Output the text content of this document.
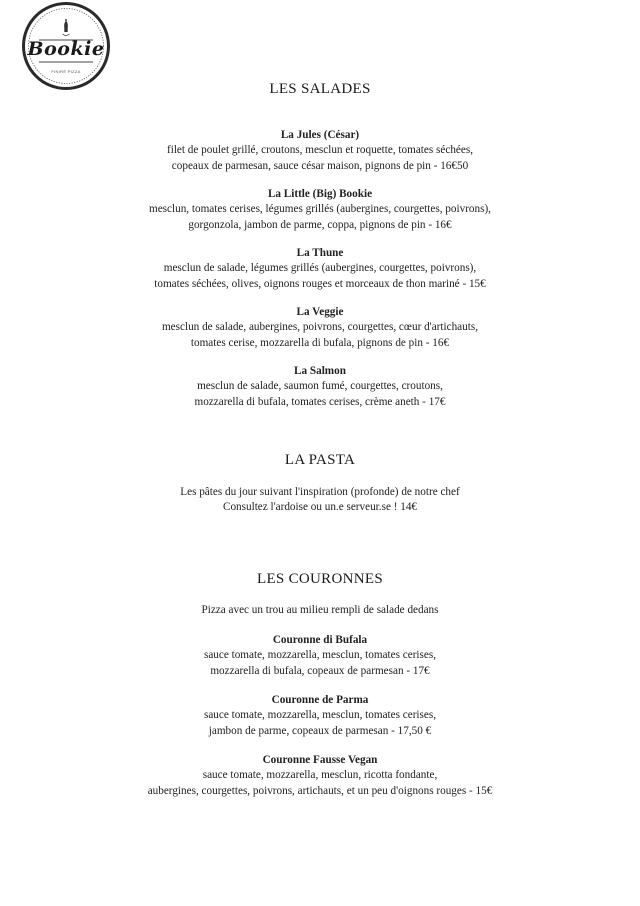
Bookie
FINIRÉ PIZZA
LES SALADES
La Jules (César)
filet de poulet grillé, croutons, mesclun et roquette, tomates séchées,
copeaux de parmesan, sauce césar maison, pignons de pin - 16€50
La Little (Big) Bookie
mesclun, tomates cerises, légumes grillés (aubergines, courgettes, poivrons),
gorgonzola, jambon de parme, coppa, pignons de pin - 16€
La Thune
mesclun de salade, légumes grillés (aubergines, courgettes, poivrons),
tomates séchées, olives, oignons rouges et morceaux de thon mariné - 15€
La Veggie
mesclun de salade, aubergines, poivrons, courgettes, cœur d'artichauts,
tomates cerise, mozzarella di bufala, pignons de pin - 16€
La Salmon
mesclun de salade, saumon fumé, courgettes, croutons,
mozzarella di bufala, tomates cerises, crème aneth - 17€
LA PASTA
Les pâtes du jour suivant l'inspiration (profonde) de notre chef
Consultez l'ardoise ou un.e serveur.se ! 14€
LES COURONNES
Pizza avec un trou au milieu rempli de salade dedans
Couronne di Bufala
sauce tomate, mozzarella, mesclun, tomates cerises,
mozzarella di bufala, copeaux de parmesan - 17€
Couronne de Parma
sauce tomate, mozzarella, mesclun, tomates cerises,
jambon de parme, copeaux de parmesan - 17,50 €
Couronne Fausse Vegan
sauce tomate, mozzarella, mesclun, ricotta fondante,
aubergines, courgettes, poivrons, artichauts, et un peu d'oignons rouges - 15€
